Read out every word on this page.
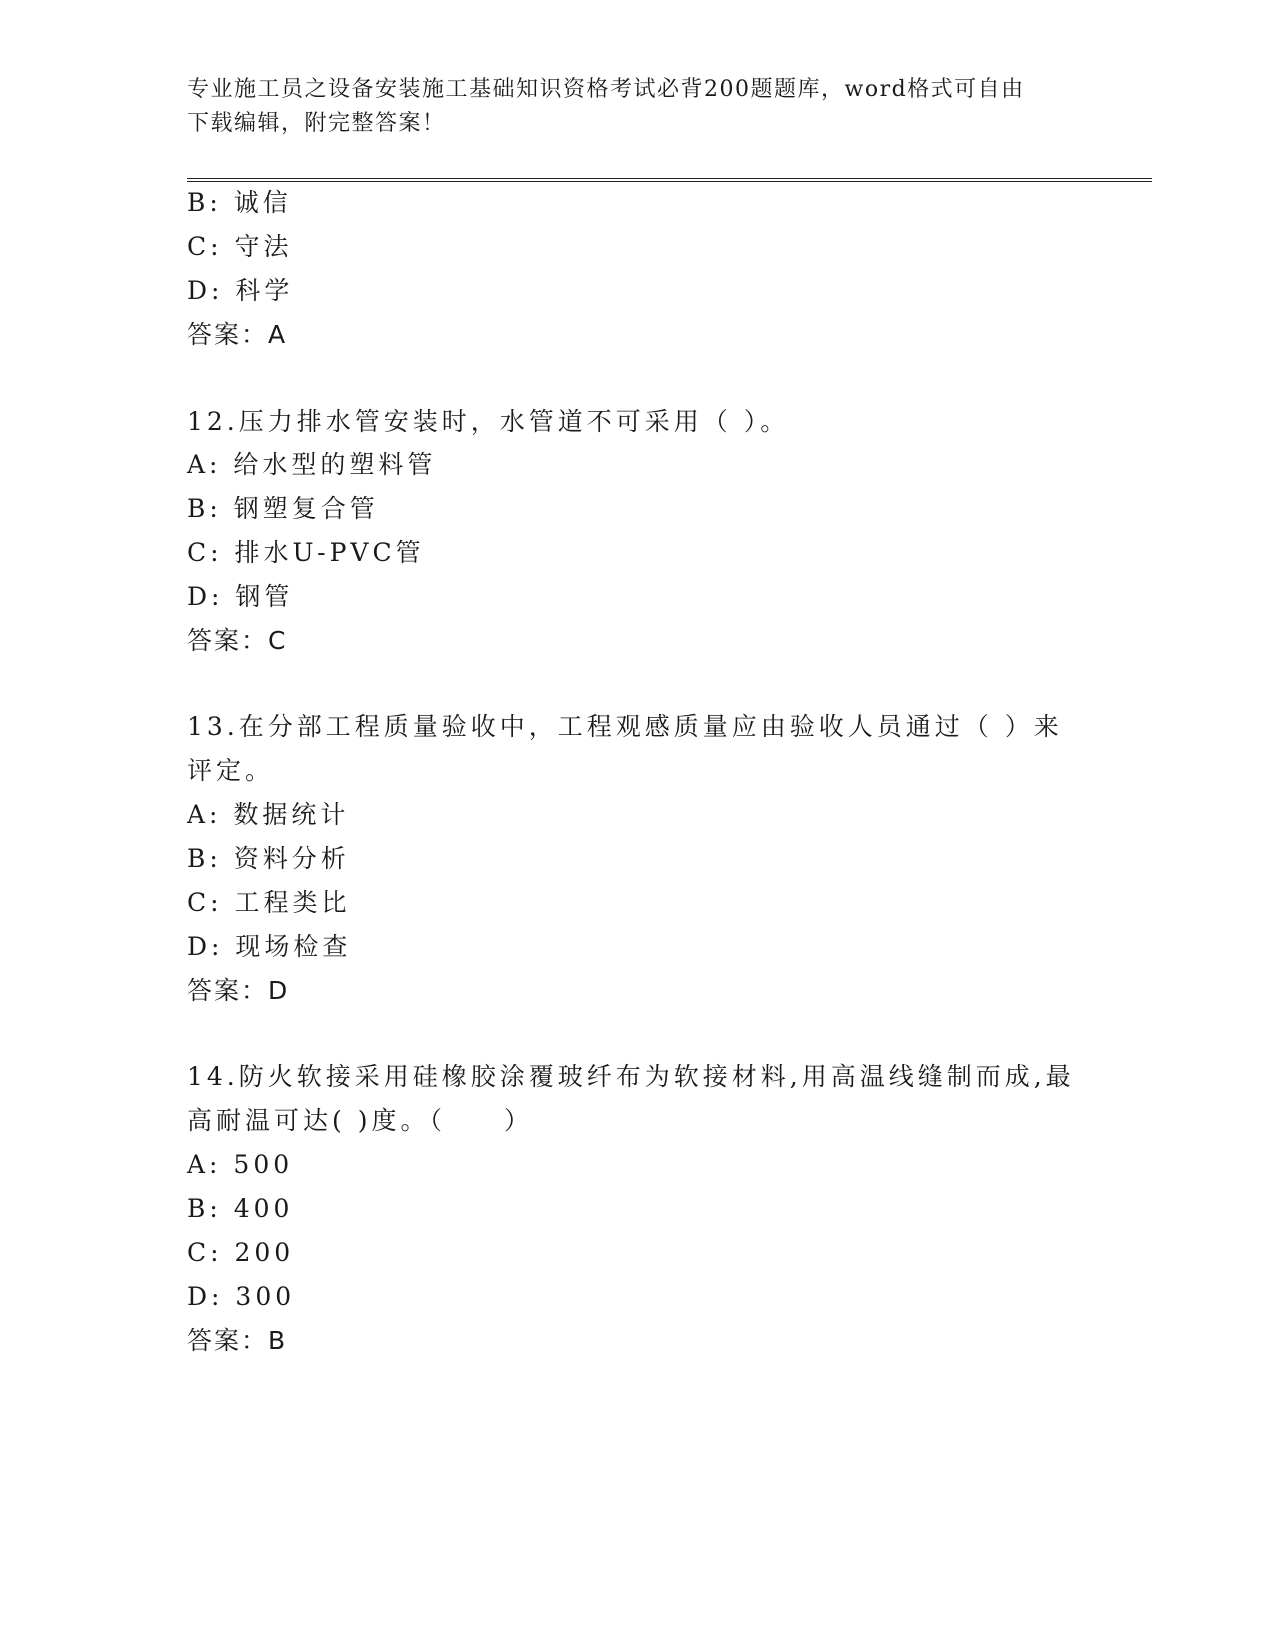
专业施工员之设备安装施工基础知识资格考试必背200题题库，word格式可自由
下载编辑，附完整答案！
B: 诚信
C: 守法
D: 科学
答案：A
12.压力排水管安装时，水管道不可采用（ ）。
A: 给水型的塑料管
B: 钢塑复合管
C: 排水U-PVC管
D: 钢管
答案：C
13.在分部工程质量验收中，工程观感质量应由验收人员通过（ ）来
评定。
A: 数据统计
B: 资料分析
C: 工程类比
D: 现场检查
答案：D
14.防火软接采用硅橡胶涂覆玻纤布为软接材料,用高温线缝制而成,最
高耐温可达( )度。（　　）
A: 500
B: 400
C: 200
D: 300
答案：B
